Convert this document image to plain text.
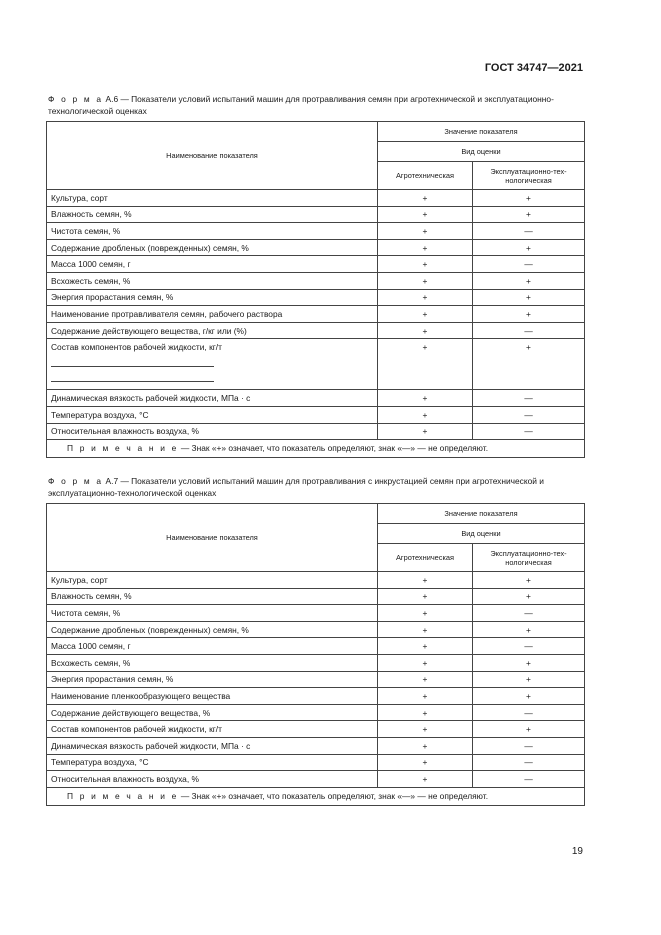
ГОСТ 34747—2021
Ф о р м а А.6 — Показатели условий испытаний машин для протравливания семян при агротехнической и эксплуатационно-технологической оценках
Наименование показателя	Значение показателя	
	Вид оценки	
	Агротехническая	Эксплуатационно-тех-нологическая
Культура, сорт	+	+
Влажность семян, %	+	+
Чистота семян, %	+	—
Содержание дробленых (поврежденных) семян, %	+	+
Масса 1000 семян, г	+	—
Всхожесть семян, %	+	+
Энергия прорастания семян, %	+	+
Наименование протравливателя семян, рабочего раствора	+	+
Содержание действующего вещества, г/кг или (%)	+	—

Состав компонентов рабочей жидкости, кг/т	+	+
Динамическая вязкость рабочей жидкости, МПа · с	+	—
Температура воздуха, °С	+	—
Относительная влажность воздуха, %	+	—
П р и м е ч а н и е — Знак «+» означает, что показатель определяют, знак «—» — не определяют.		
Ф о р м а А.7 — Показатели условий испытаний машин для протравливания с инкрустацией семян при агротехнической и эксплуатационно-технологической оценках
Наименование показателя	Значение показателя	
	Вид оценки	
	Агротехническая	Эксплуатационно-тех-нологическая
Культура, сорт	+	+
Влажность семян, %	+	+
Чистота семян, %	+	—
Содержание дробленых (поврежденных) семян, %	+	+
Масса 1000 семян, г	+	—
Всхожесть семян, %	+	+
Энергия прорастания семян, %	+	+
Наименование пленкообразующего вещества	+	+
Содержание действующего вещества, %	+	—
Состав компонентов рабочей жидкости, кг/т	+	+
Динамическая вязкость рабочей жидкости, МПа · с	+	—
Температура воздуха, °С	+	—
Относительная влажность воздуха, %	+	—
П р и м е ч а н и е — Знак «+» означает, что показатель определяют, знак «—» — не определяют.		
19
